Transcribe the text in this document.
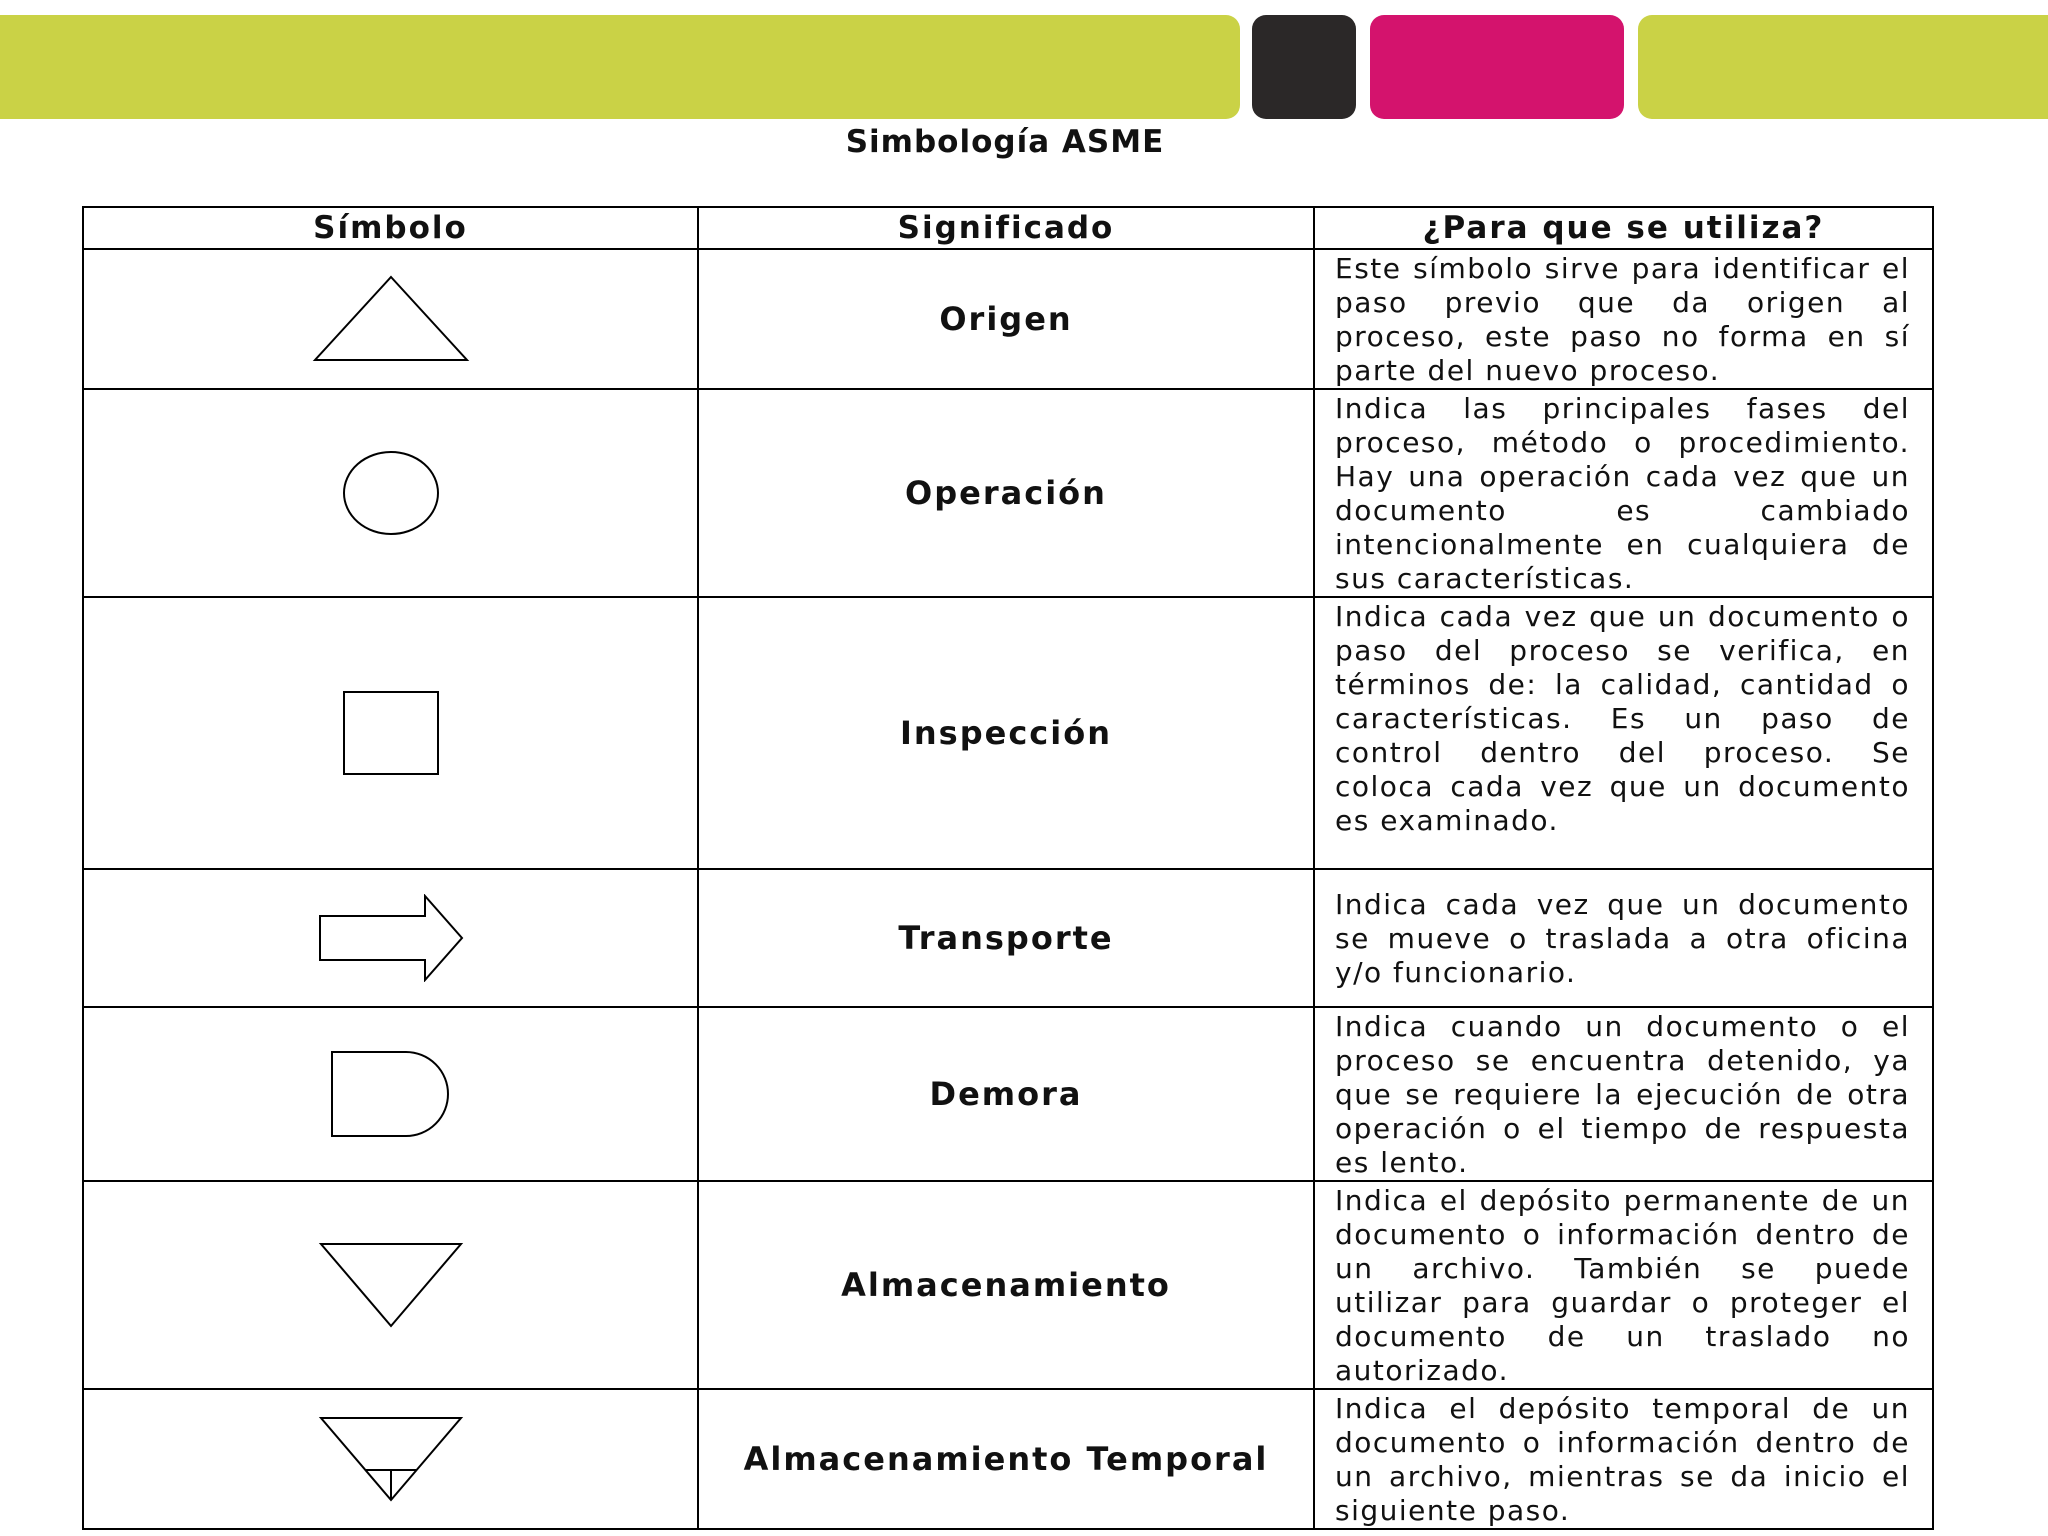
Simbología ASME
Símbolo	Significado	¿Para que se utiliza?
	Origen	Este símbolo sirve para identificar el paso previo que da origen al proceso, este paso no forma en sí parte del nuevo proceso.
	Operación	Indica las principales fases del proceso, método o procedimiento. Hay una operación cada vez que un documento es cambiado intencionalmente en cualquiera de sus características.
	Inspección	Indica cada vez que un documento o paso del proceso se verifica, en términos de: la calidad, cantidad o características. Es un paso de control dentro del proceso. Se coloca cada vez que un documento es examinado.
	Transporte	Indica cada vez que un documento se mueve o traslada a otra oficina y/o funcionario.
	Demora	Indica cuando un documento o el proceso se encuentra detenido, ya que se requiere la ejecución de otra operación o el tiempo de respuesta es lento.
	Almacenamiento	Indica el depósito permanente de un documento o información dentro de un archivo. También se puede utilizar para guardar o proteger el documento de un traslado no autorizado.
	Almacenamiento Temporal	Indica el depósito temporal de un documento o información dentro de un archivo, mientras se da inicio el siguiente paso.
